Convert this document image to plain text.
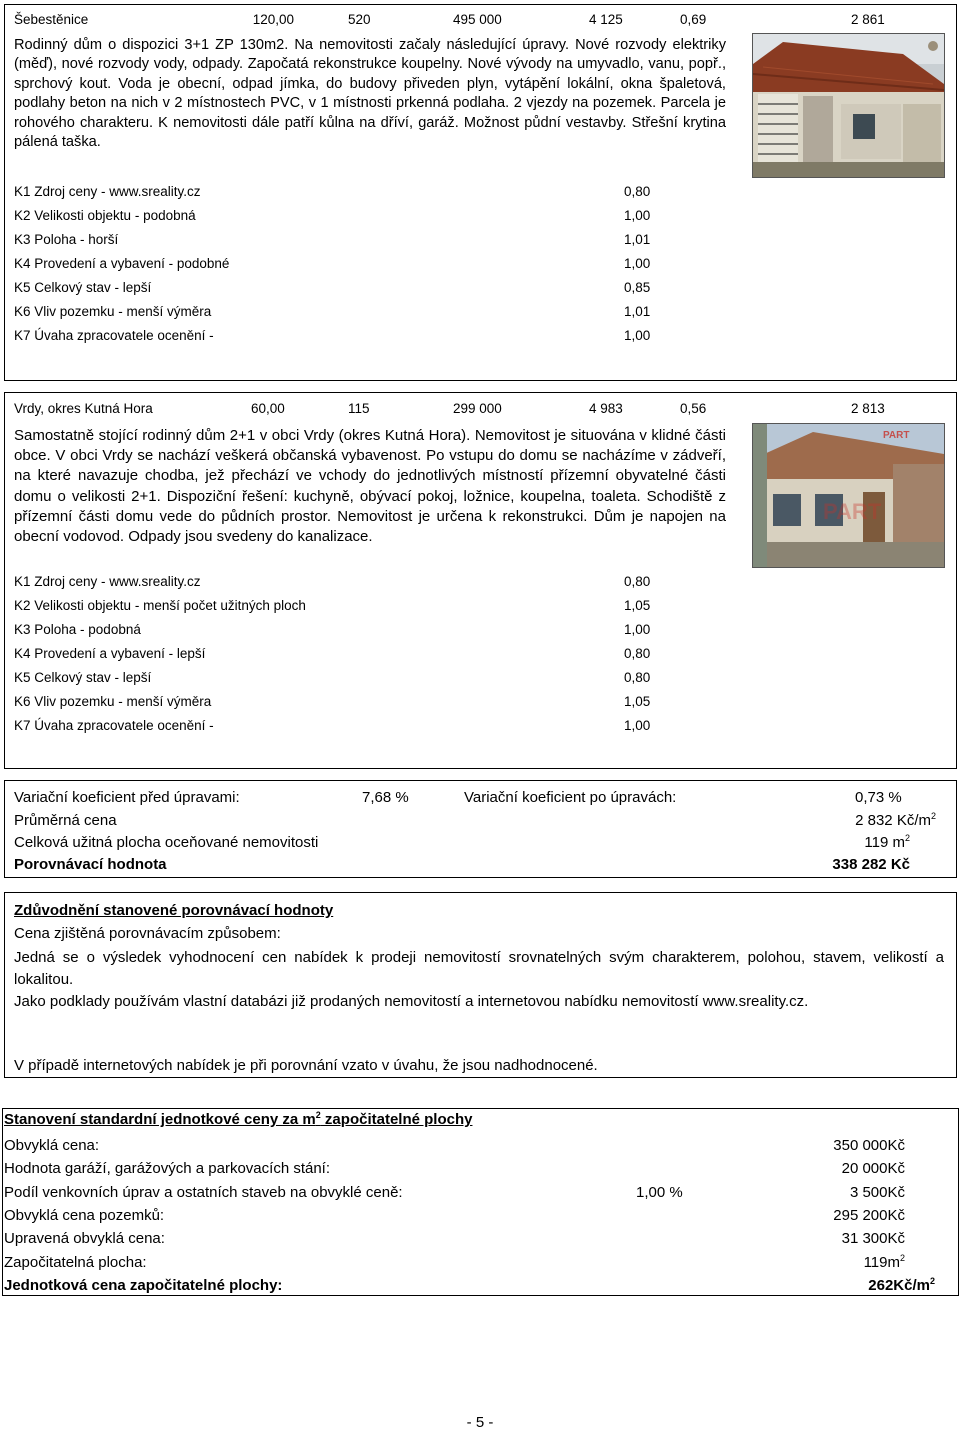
Šebestěnice	120,00	520	495 000	4 125	0,69	2 861
Rodinný dům o dispozici 3+1 ZP 130m2. Na nemovitosti začaly následující úpravy. Nové rozvody elektriky (měď), nové rozvody vody, odpady. Započatá rekonstrukce koupelny. Nové vývody na umyvadlo, vanu, popř., sprchový kout. Voda je obecní, odpad jímka, do budovy přiveden plyn, vytápění lokální, okna špaletová, podlahy beton na nich v 2 místnostech PVC, v 1 místnosti prkenná podlaha. 2 vjezdy na pozemek. Parcela je rohového charakteru. K nemovitosti dále patří kůlna na dříví, garáž. Možnost půdní vestavby. Střešní krytina pálená taška.
K1 Zdroj ceny - www.sreality.cz	0,80
K2 Velikosti objektu - podobná	1,00
K3 Poloha - horší	1,01
K4 Provedení a vybavení - podobné	1,00
K5 Celkový stav - lepší	0,85
K6 Vliv pozemku - menší výměra	1,01
K7 Úvaha zpracovatele ocenění -	1,00
Vrdy, okres Kutná Hora	60,00	115	299 000	4 983	0,56	2 813
Samostatně stojící rodinný dům 2+1 v obci Vrdy (okres Kutná Hora). Nemovitost je situována v klidné části obce. V obci Vrdy se nachází veškerá občanská vybavenost. Po vstupu do domu se nacházíme v zádveří, na které navazuje chodba, jež přechází ve vchody do jednotlivých místností přízemní obyvatelné části domu o velikosti 2+1. Dispoziční řešení: kuchyně, obývací pokoj, ložnice, koupelna, toaleta. Schodiště z přízemní části domu vede do půdních prostor. Nemovitost je určena k rekonstrukci. Dům je napojen na obecní vodovod. Odpady jsou svedeny do kanalizace.
PART
PART
K1 Zdroj ceny - www.sreality.cz	0,80
K2 Velikosti objektu - menší počet užitných ploch	1,05
K3 Poloha - podobná	1,00
K4 Provedení a vybavení - lepší	0,80
K5 Celkový stav - lepší	0,80
K6 Vliv pozemku - menší výměra	1,05
K7 Úvaha zpracovatele ocenění -	1,00
Variační koeficient před úpravami:	7,68 %	Variační koeficient po úpravách:	0,73 %
Průměrná cena	2 832 $Kč/m^2$
Celková užitná plocha oceňované nemovitosti	119 $m^2$
Porovnávací hodnota	338 282 Kč
Zdůvodnění stanovené porovnávací hodnoty
Cena zjištěná porovnávacím způsobem:
Jedná se o výsledek vyhodnocení cen nabídek k prodeji nemovitostí srovnatelných svým charakterem, polohou, stavem, velikostí a lokalitou.
Jako podklady používám vlastní databázi již prodaných nemovitostí a internetovou nabídku nemovitostí www.sreality.cz.
V případě internetových nabídek je při porovnání vzato v úvahu, že jsou nadhodnocené.
Stanovení standardní jednotkové ceny za $m^2$ započitatelné plochy
Obvyklá cena:	350 000Kč
Hodnota garáží, garážových a parkovacích stání:	20 000Kč
Podíl venkovních úprav a ostatních staveb na obvyklé ceně:	1,00 %	3 500Kč
Obvyklá cena pozemků:	295 200Kč
Upravená obvyklá cena:	31 300Kč
Započitatelná plocha:	$119m^2$
Jednotková cena započitatelné plochy:	$262Kč/m^2$
- 5 -
